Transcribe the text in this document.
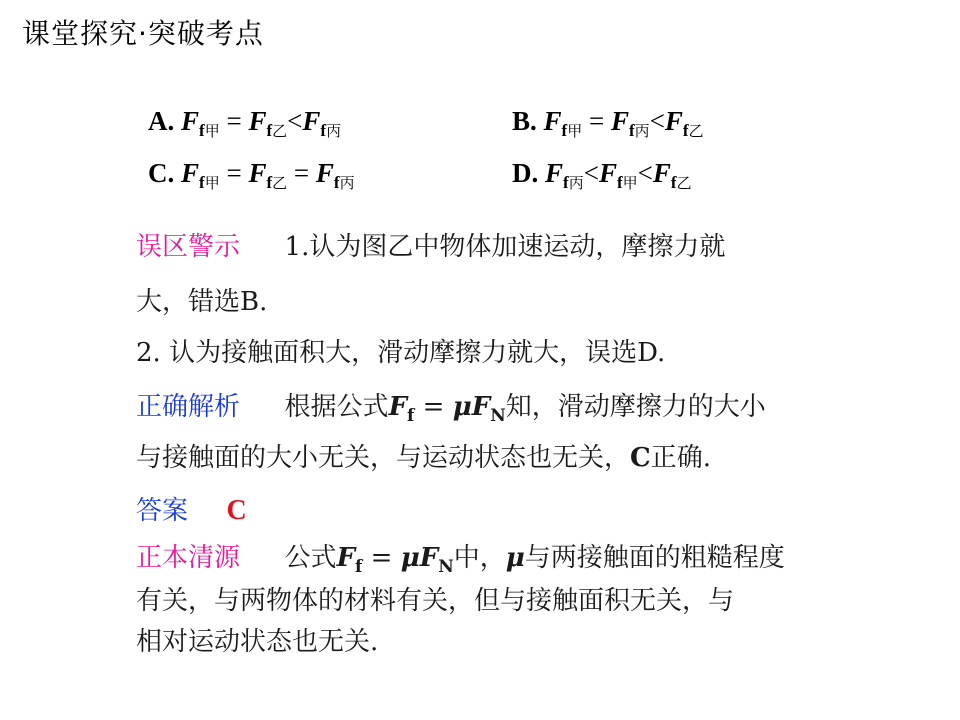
课堂探究·突破考点
A. $F_{f甲} = F_{f乙}<F_{f丙}$	B. $F_{f甲} = F_{f丙}<F_{f乙}$
C. $F_{f甲} = F_{f乙} = F_{f丙}$	D. $F_{f丙}<F_{f甲}<F_{f乙}$
误区警示 1.认为图乙中物体加速运动，摩擦力就
大，错选B.
2. 认为接触面积大，滑动摩擦力就大，误选D.
正确解析 根据公式$F_f = \mu F_N$知，滑动摩擦力的大小
与接触面的大小无关，与运动状态也无关，C正确.
答案 C
正本清源 公式$F_f = \mu F_N$中，μ与两接触面的粗糙程度
有关，与两物体的材料有关，但与接触面积无关，与
相对运动状态也无关.
